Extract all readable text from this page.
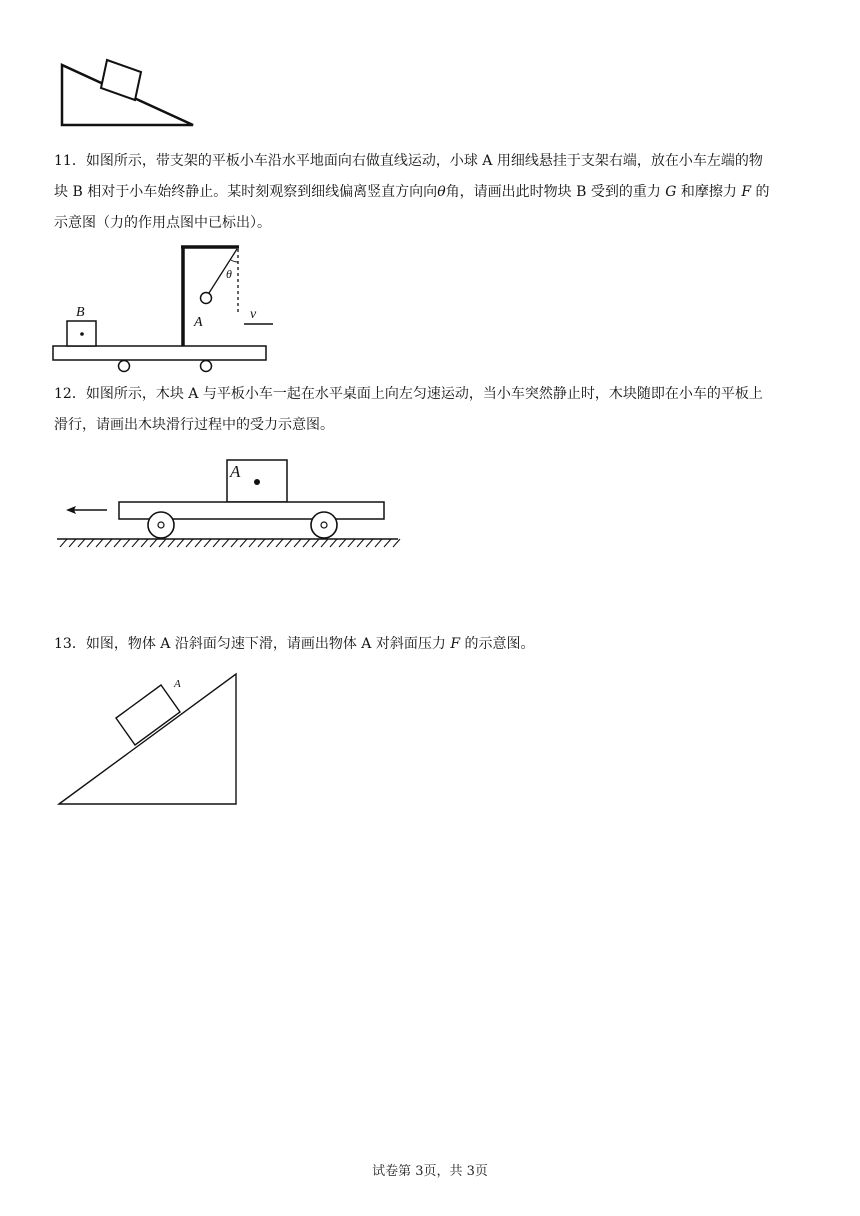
11．如图所示，带支架的平板小车沿水平地面向右做直线运动，小球 A 用细线悬挂于支架右端，放在小车左端的物
块 B 相对于小车始终静止。某时刻观察到细线偏离竖直方向向θ角，请画出此时物块 B 受到的重力 G 和摩擦力 F 的
示意图（力的作用点图中已标出）。
B
A
θ
v
12．如图所示，木块 A 与平板小车一起在水平桌面上向左匀速运动，当小车突然静止时，木块随即在小车的平板上
滑行，请画出木块滑行过程中的受力示意图。
A
13．如图，物体 A 沿斜面匀速下滑，请画出物体 A 对斜面压力 F 的示意图。
A
试卷第 3页，共 3页
